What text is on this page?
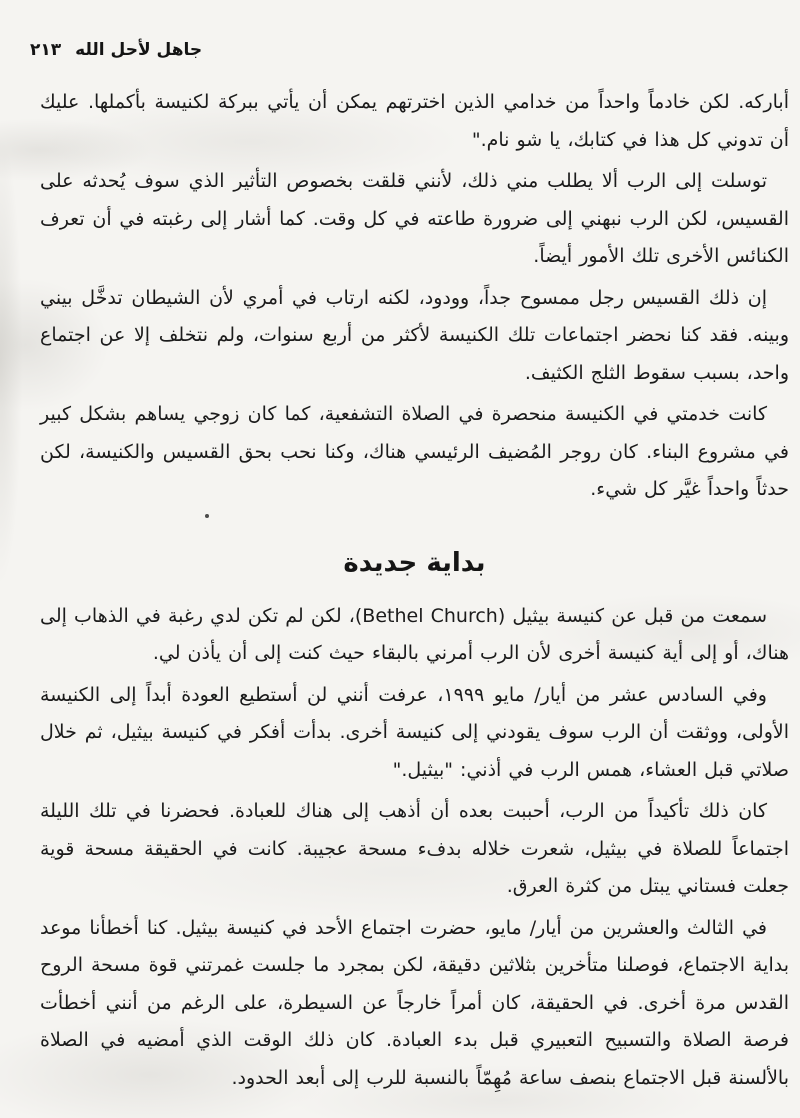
جاهل لأحل الله٢١٣

أباركه. لكن خادماً واحداً من خدامي الذين اخترتهم يمكن أن يأتي ببركة لكنيسة بأكملها. عليك أن تدوني كل هذا في كتابك، يا شو نام."

توسلت إلى الرب ألا يطلب مني ذلك، لأنني قلقت بخصوص التأثير الذي سوف يُحدثه على القسيس، لكن الرب نبهني إلى ضرورة طاعته في كل وقت. كما أشار إلى رغبته في أن تعرف الكنائس الأخرى تلك الأمور أيضاً.

إن ذلك القسيس رجل ممسوح جداً، وودود، لكنه ارتاب في أمري لأن الشيطان تدخَّل بيني وبينه. فقد كنا نحضر اجتماعات تلك الكنيسة لأكثر من أربع سنوات، ولم نتخلف إلا عن اجتماع واحد، بسبب سقوط الثلج الكثيف.

كانت خدمتي في الكنيسة منحصرة في الصلاة التشفعية، كما كان زوجي يساهم بشكل كبير في مشروع البناء. كان روجر المُضيف الرئيسي هناك، وكنا نحب بحق القسيس والكنيسة، لكن حدثاً واحداً غيَّر كل شيء.

بداية جديدة

سمعت من قبل عن كنيسة بيثيل (Bethel Church)، لكن لم تكن لدي رغبة في الذهاب إلى هناك، أو إلى أية كنيسة أخرى لأن الرب أمرني بالبقاء حيث كنت إلى أن يأذن لي.

وفي السادس عشر من أيار/ مايو ١٩٩٩، عرفت أنني لن أستطيع العودة أبداً إلى الكنيسة الأولى، ووثقت أن الرب سوف يقودني إلى كنيسة أخرى. بدأت أفكر في كنيسة بيثيل، ثم خلال صلاتي قبل العشاء، همس الرب في أذني: "بيثيل."

كان ذلك تأكيداً من الرب، أحببت بعده أن أذهب إلى هناك للعبادة. فحضرنا في تلك الليلة اجتماعاً للصلاة في بيثيل، شعرت خلاله بدفء مسحة عجيبة. كانت في الحقيقة مسحة قوية جعلت فستاني يبتل من كثرة العرق.

في الثالث والعشرين من أيار/ مايو، حضرت اجتماع الأحد في كنيسة بيثيل. كنا أخطأنا موعد بداية الاجتماع، فوصلنا متأخرين بثلاثين دقيقة، لكن بمجرد ما جلست غمرتني قوة مسحة الروح القدس مرة أخرى. في الحقيقة، كان أمراً خارجاً عن السيطرة، على الرغم من أنني أخطأت فرصة الصلاة والتسبيح التعبيري قبل بدء العبادة. كان ذلك الوقت الذي أمضيه في الصلاة بالألسنة قبل الاجتماع بنصف ساعة مُهِمّاً بالنسبة للرب إلى أبعد الحدود.
